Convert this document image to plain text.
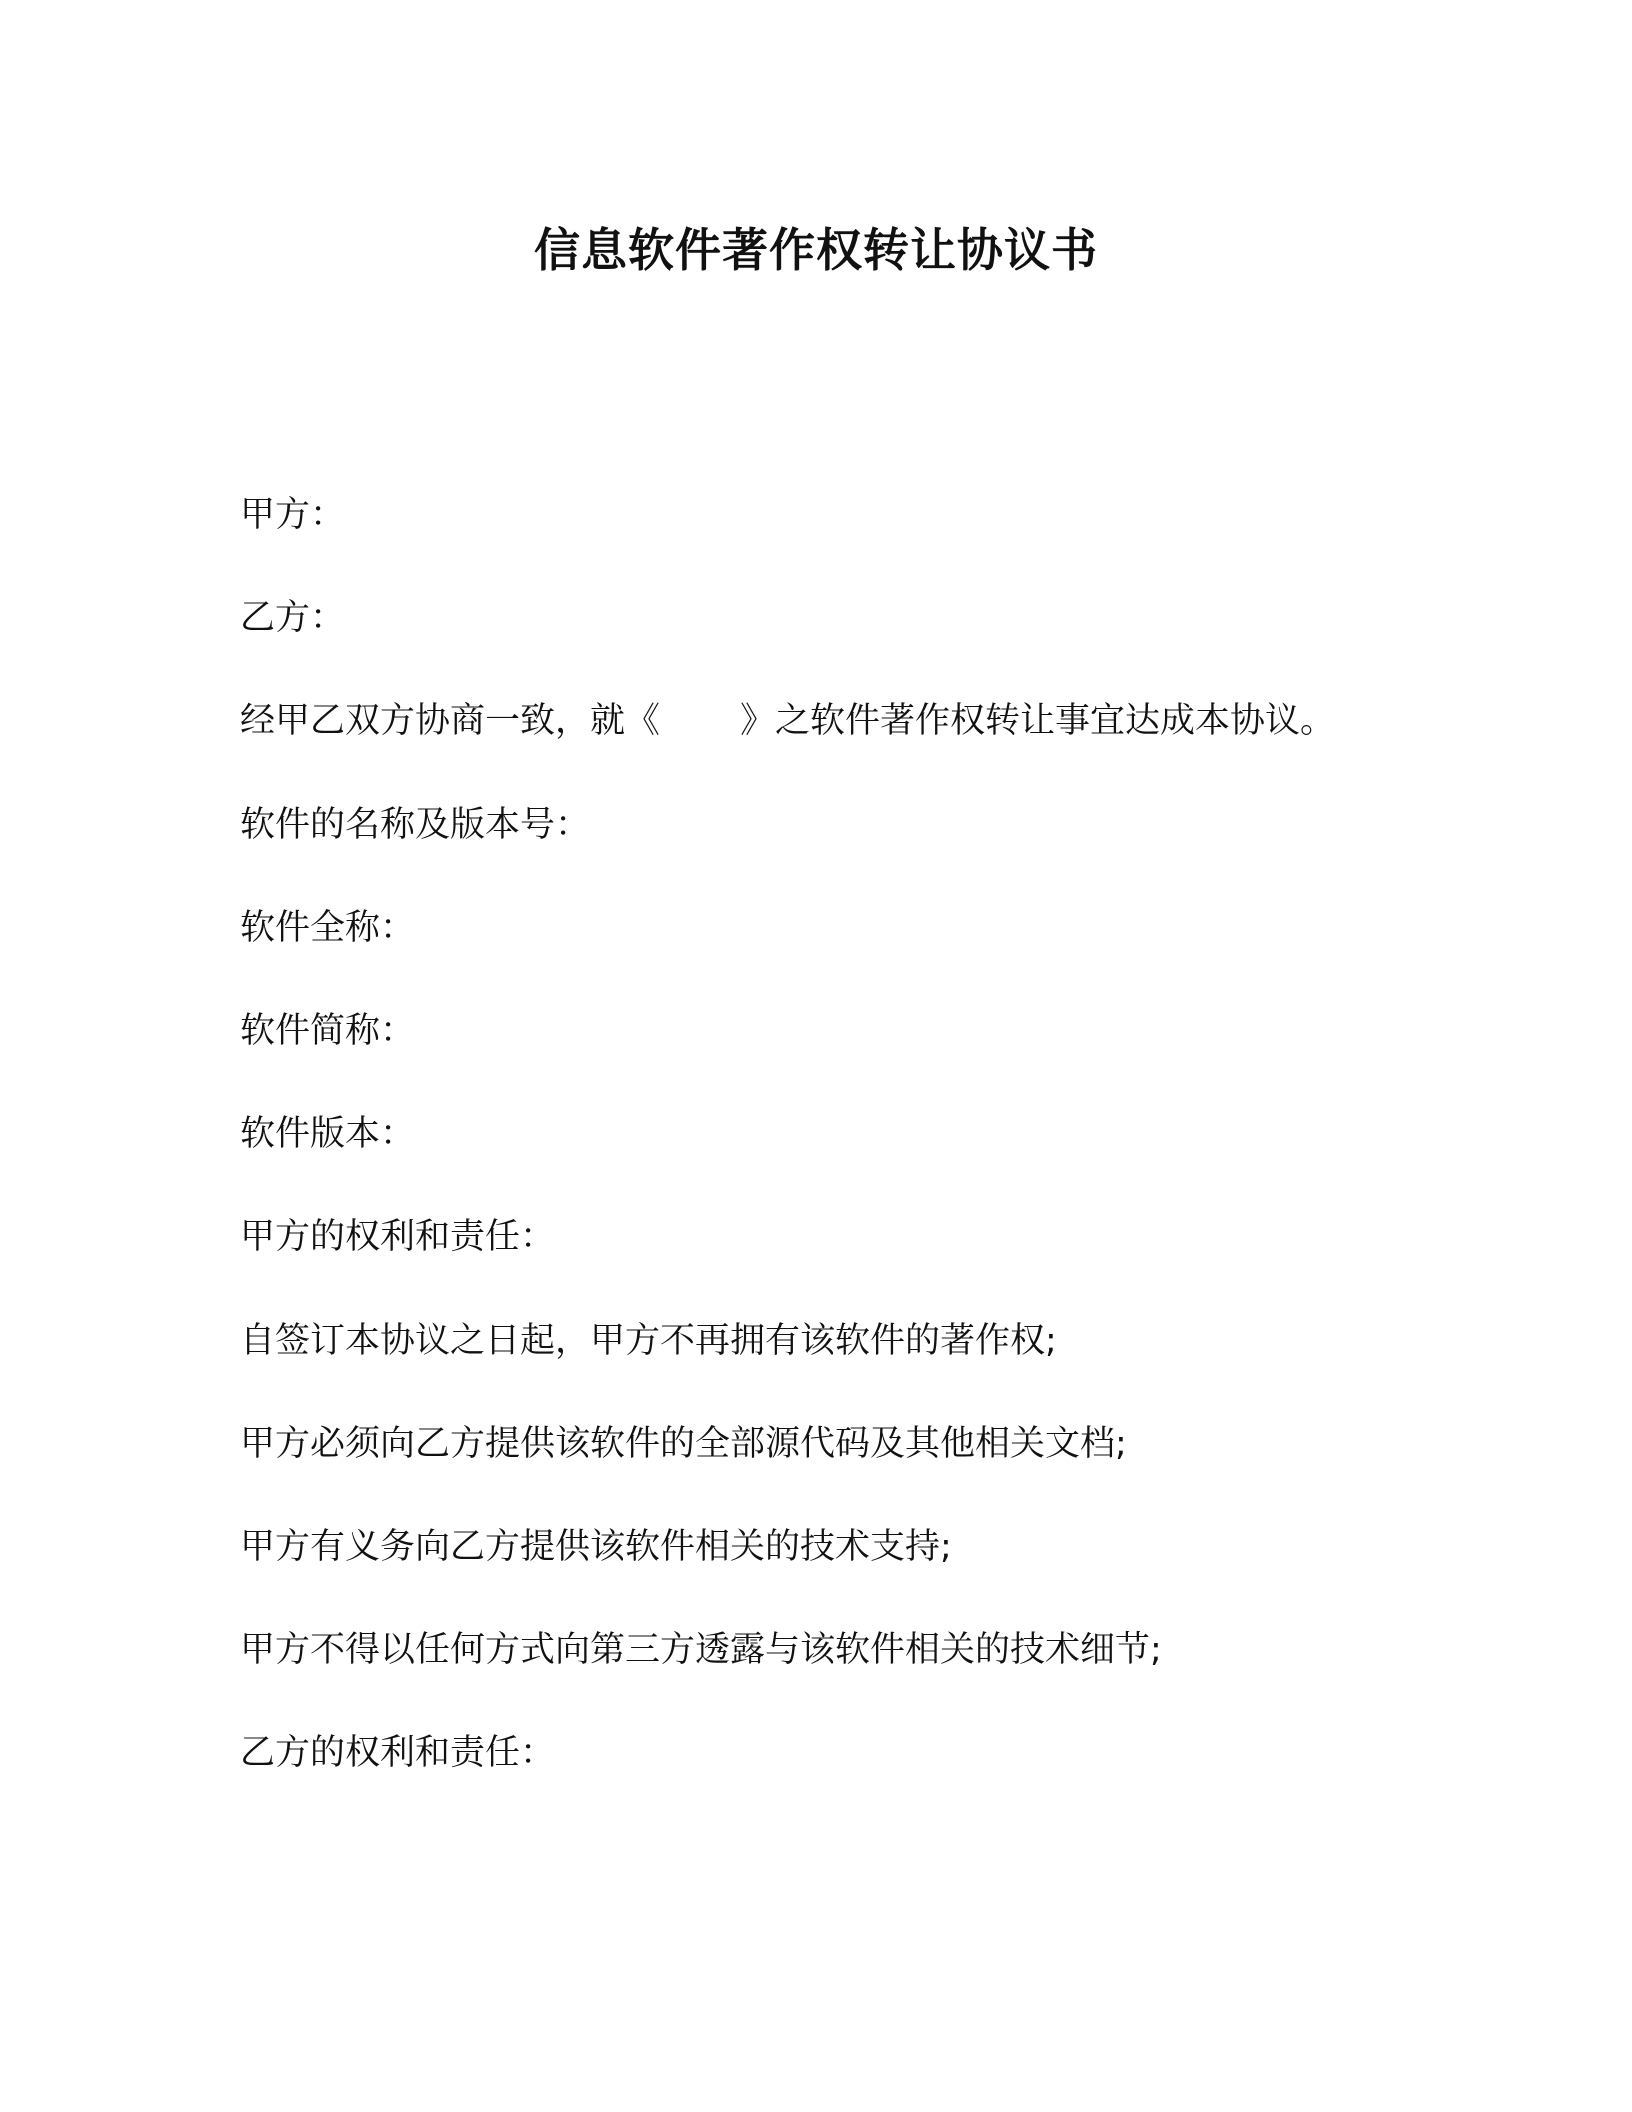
信息软件著作权转让协议书

甲方：

乙方：

经甲乙双方协商一致，就《 》之软件著作权转让事宜达成本协议。

软件的名称及版本号：

软件全称：

软件简称：

软件版本：

甲方的权利和责任：

自签订本协议之日起，甲方不再拥有该软件的著作权;

甲方必须向乙方提供该软件的全部源代码及其他相关文档;

甲方有义务向乙方提供该软件相关的技术支持;

甲方不得以任何方式向第三方透露与该软件相关的技术细节;

乙方的权利和责任：
